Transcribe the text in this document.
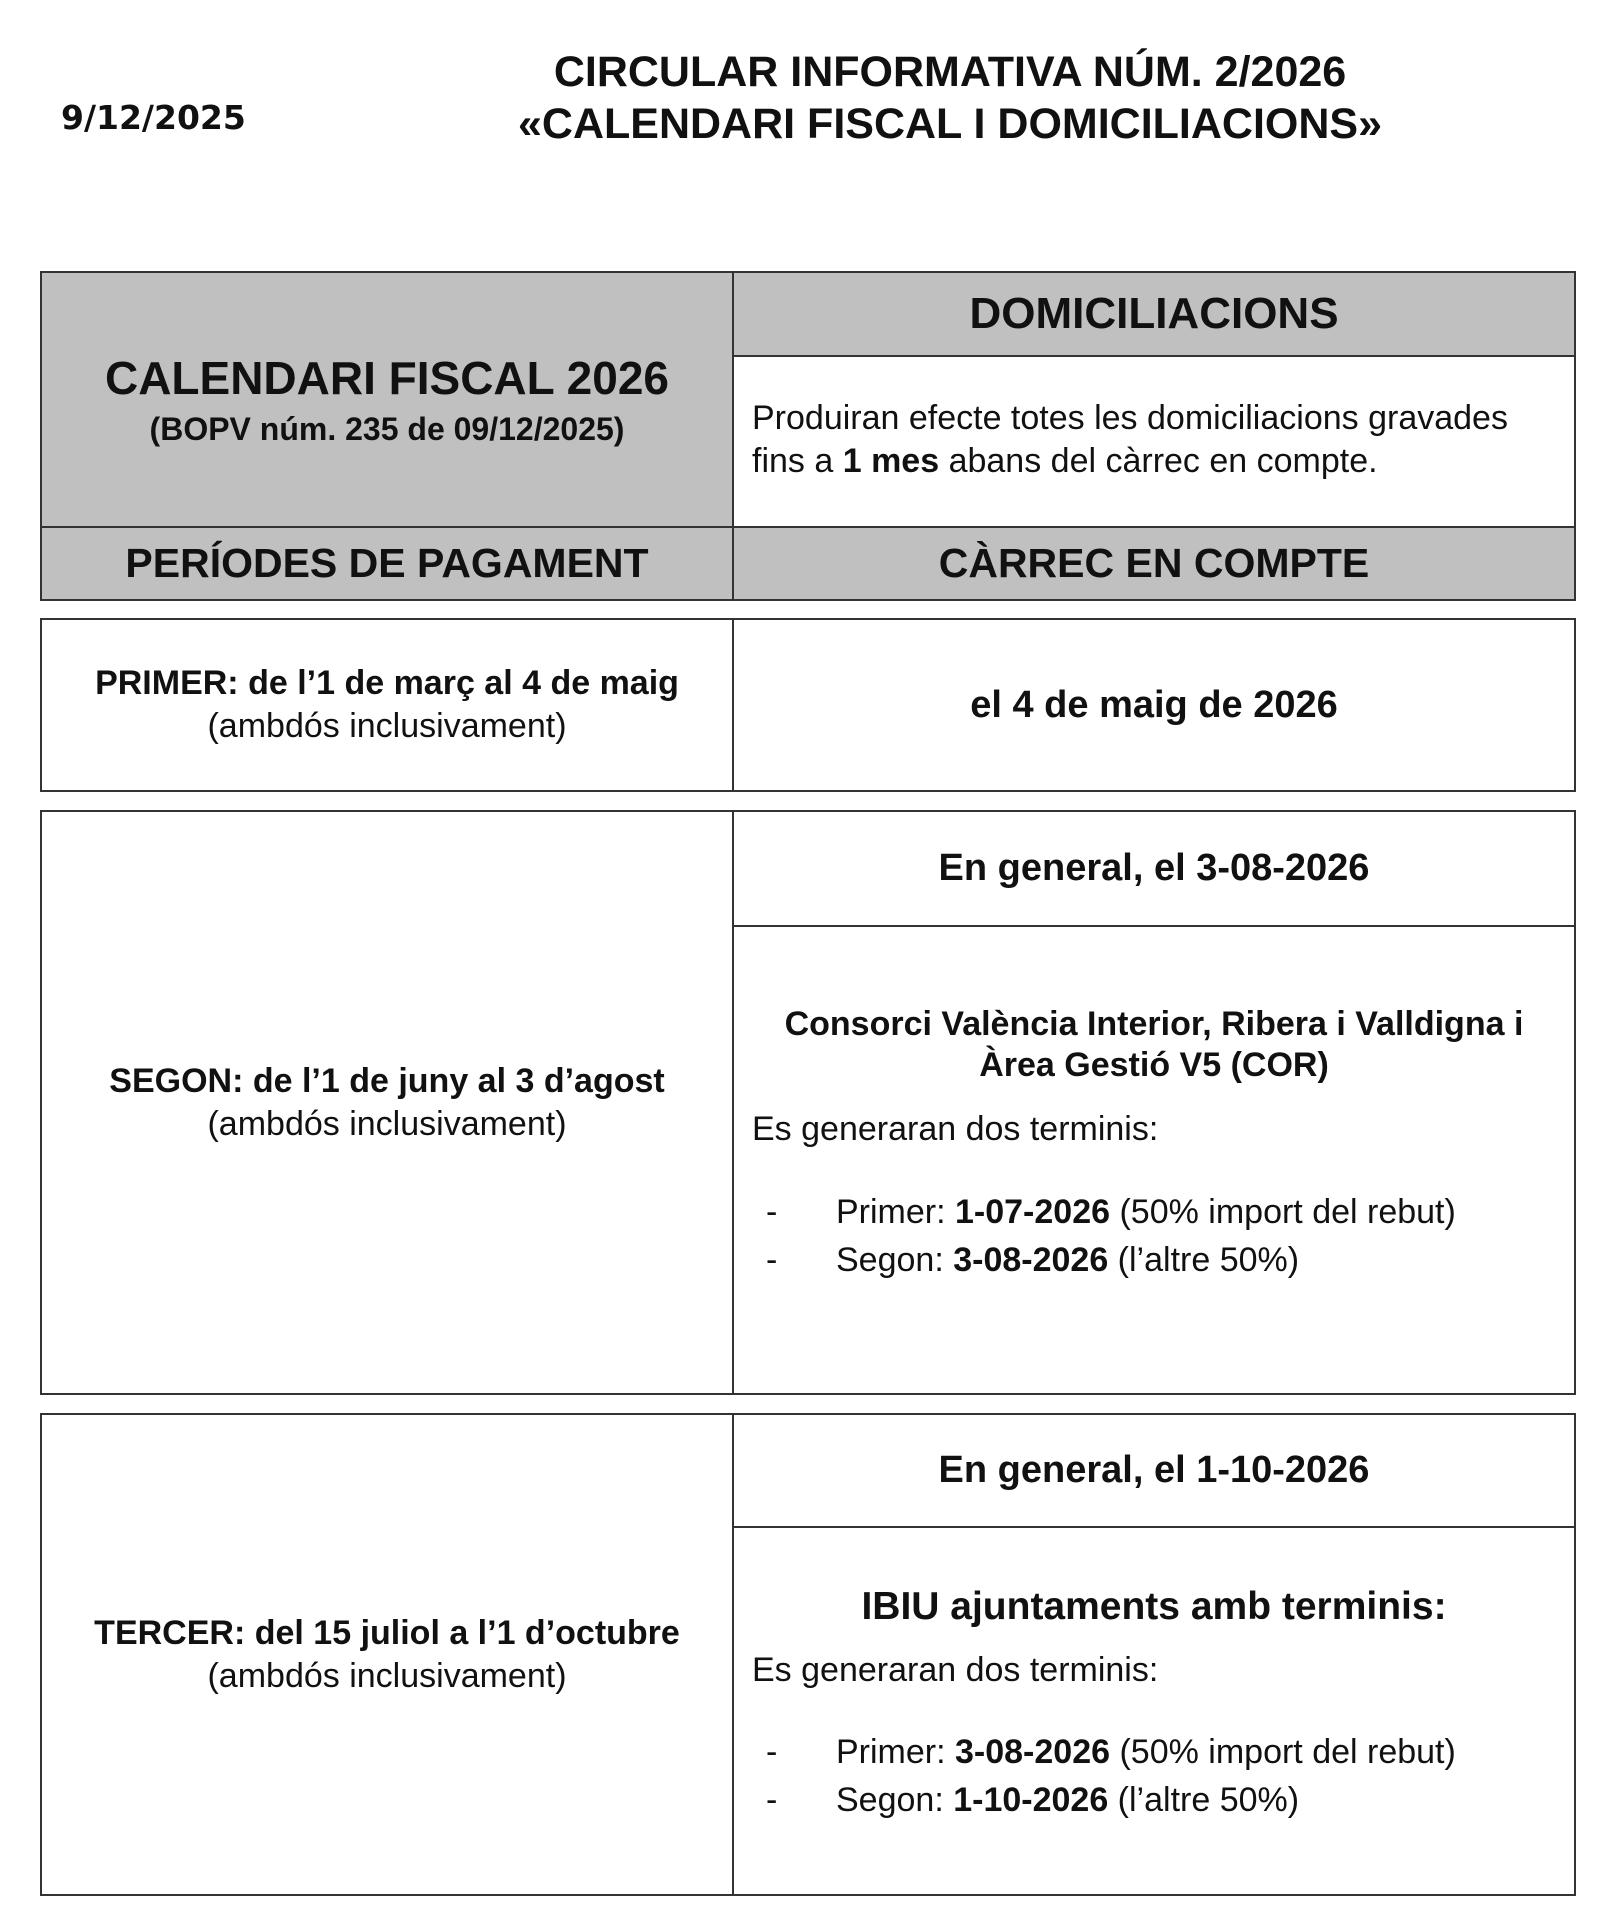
9/12/2025
CIRCULAR INFORMATIVA NÚM. 2/2026
«CALENDARI FISCAL I DOMICILIACIONS»
CALENDARI FISCAL 2026
(BOPV núm. 235 de 09/12/2025)
DOMICILIACIONS
Produiran efecte totes les domiciliacions gravades fins a 1 mes abans del càrrec en compte.
PERÍODES DE PAGAMENT	CÀRREC EN COMPTE
PRIMER: de l’1 de març al 4 de maig
(ambdós inclusivament)
el 4 de maig de 2026
SEGON: de l’1 de juny al 3 d’agost
(ambdós inclusivament)
En general, el 3-08-2026
Consorci València Interior, Ribera i Valldigna i
Àrea Gestió V5 (COR)
Es generaran dos terminis:
- Primer: 1-07-2026 (50% import del rebut)
- Segon: 3-08-2026 (l’altre 50%)
TERCER: del 15 juliol a l’1 d’octubre
(ambdós inclusivament)
En general, el 1-10-2026
IBIU ajuntaments amb terminis:
Es generaran dos terminis:
- Primer: 3-08-2026 (50% import del rebut)
- Segon: 1-10-2026 (l’altre 50%)
